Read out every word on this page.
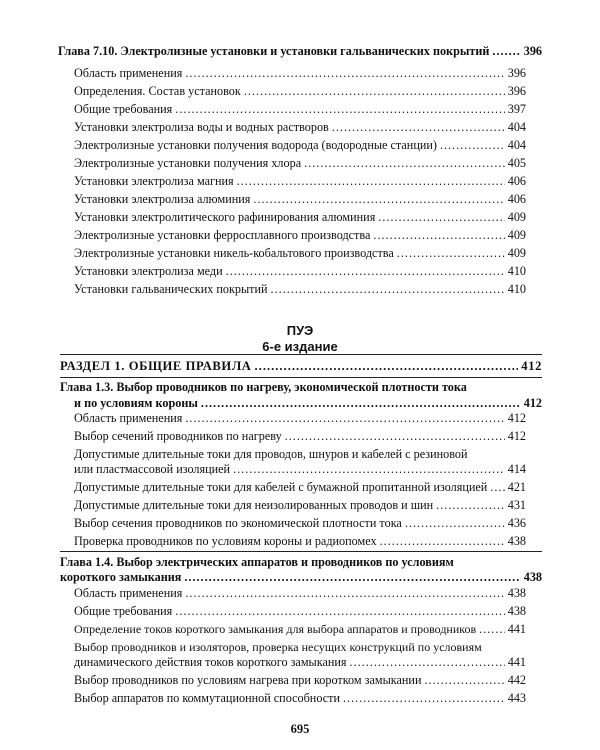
Глава 7.10. Электролизные установки и установки гальванических покрытий .....	396
Область применения .....	396
Определения. Состав установок .....	396
Общие требования .....	397
Установки электролиза воды и водных растворов .....	404
Электролизные установки получения водорода (водородные станции) .....	404
Электролизные установки получения хлора .....	405
Установки электролиза магния .....	406
Установки электролиза алюминия .....	406
Установки электролитического рафинирования алюминия .....	409
Электролизные установки ферросплавного производства .....	409
Электролизные установки никель-кобальтового производства .....	409
Установки электролиза меди .....	410
Установки гальванических покрытий .....	410
ПУЭ
6-е издание
РАЗДЕЛ 1. ОБЩИЕ ПРАВИЛА .....	412
Глава 1.3. Выбор проводников по нагреву, экономической плотности тока
и по условиям короны .....	412
Область применения .....	412
Выбор сечений проводников по нагреву .....	412
Допустимые длительные токи для проводов, шнуров и кабелей с резиновой
или пластмассовой изоляцией .....	414
Допустимые длительные токи для кабелей с бумажной пропитанной изоляцией ..... 421
Допустимые длительные токи для неизолированных проводов и шин .....	431
Выбор сечения проводников по экономической плотности тока .....	436
Проверка проводников по условиям короны и радиопомех .....	438
Глава 1.4. Выбор электрических аппаратов и проводников по условиям
короткого замыкания .....	438
Область применения .....	438
Общие требования .....	438
Определение токов короткого замыкания для выбора аппаратов и проводников .....	441
Выбор проводников и изоляторов, проверка несущих конструкций по условиям
динамического действия токов короткого замыкания .....	441
Выбор проводников по условиям нагрева при коротком замыкании .....	442
Выбор аппаратов по коммутационной способности .....	443
695
